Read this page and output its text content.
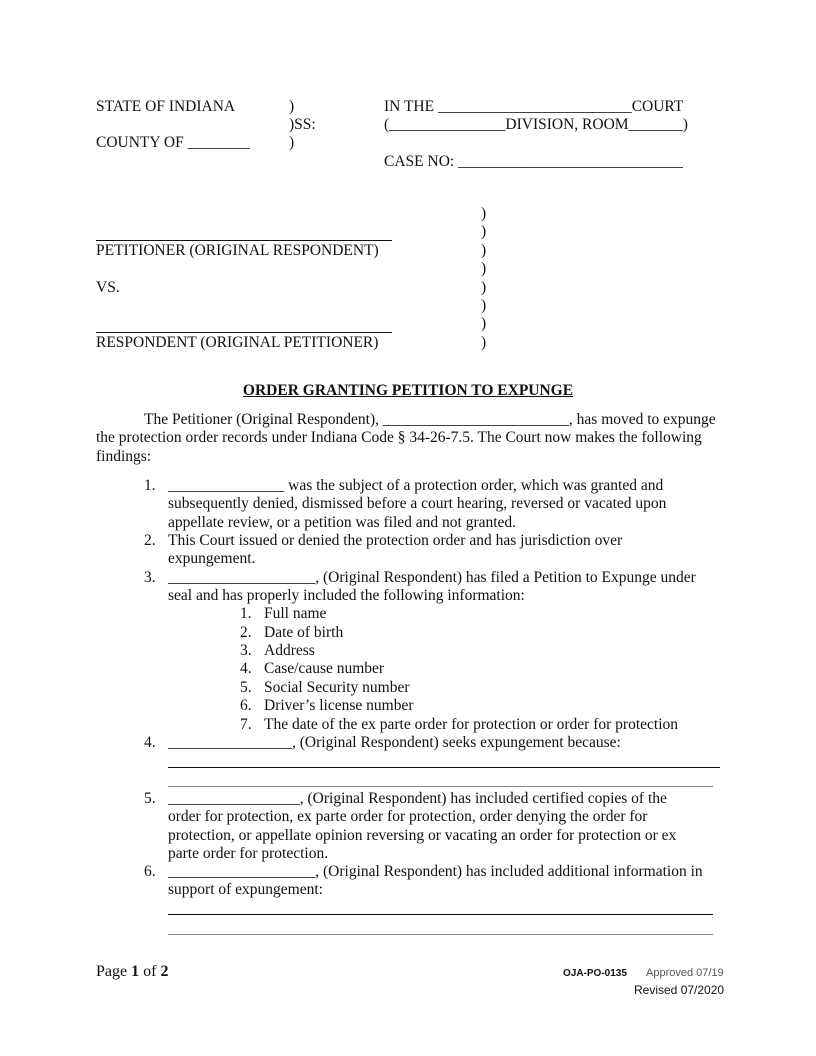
STATE OF INDIANA	)
)SS:
COUNTY OF ________	)
IN THE _________________________COURT
(_______________DIVISION, ROOM_______)
CASE NO: _____________________________
PETITIONER (ORIGINAL RESPONDENT)
VS.
RESPONDENT (ORIGINAL PETITIONER)
)
)
)
)
)
)
)
)
ORDER GRANTING PETITION TO EXPUNGE
The Petitioner (Original Respondent), ________________________, has moved to expunge the protection order records under Indiana Code § 34-26-7.5. The Court now makes the following findings:
1. _______________ was the subject of a protection order, which was granted and subsequently denied, dismissed before a court hearing, reversed or vacated upon appellate review, or a petition was filed and not granted.
2. This Court issued or denied the protection order and has jurisdiction over expungement.
3. ___________________, (Original Respondent) has filed a Petition to Expunge under seal and has properly included the following information:
1. Full name
2. Date of birth
3. Address
4. Case/cause number
5. Social Security number
6. Driver’s license number
7. The date of the ex parte order for protection or order for protection
4. ________________, (Original Respondent) seeks expungement because:
5. _________________, (Original Respondent) has included certified copies of the order for protection, ex parte order for protection, order denying the order for protection, or appellate opinion reversing or vacating an order for protection or ex parte order for protection.
6. ___________________, (Original Respondent) has included additional information in support of expungement:
Page 1 of 2	OJA-PO-0135 Approved 07/19
Revised 07/2020
